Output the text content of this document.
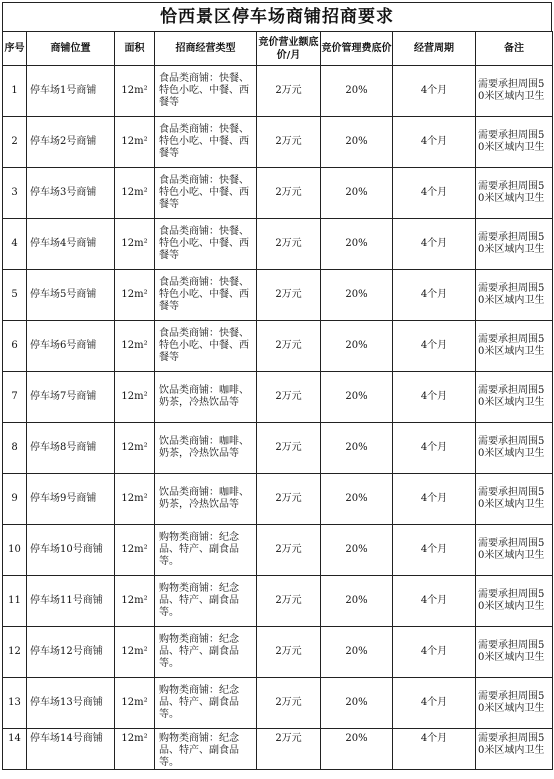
恰西景区停车场商铺招商要求
序号	商铺位置	面积	招商经营类型	竞价营业额底价/月	竞价管理费底价	经营周期	备注

1	停车场1号商铺	12m²	食品类商铺：快餐、特色小吃、中餐、西餐等	2万元	20%	4个月	需要承担周围50米区域内卫生

2	停车场2号商铺	12m²	食品类商铺：快餐、特色小吃、中餐、西餐等	2万元	20%	4个月	需要承担周围50米区域内卫生

3	停车场3号商铺	12m²	食品类商铺：快餐、特色小吃、中餐、西餐等	2万元	20%	4个月	需要承担周围50米区域内卫生

4	停车场4号商铺	12m²	食品类商铺：快餐、特色小吃、中餐、西餐等	2万元	20%	4个月	需要承担周围50米区域内卫生

5	停车场5号商铺	12m²	食品类商铺：快餐、特色小吃、中餐、西餐等	2万元	20%	4个月	需要承担周围50米区域内卫生

6	停车场6号商铺	12m²	食品类商铺：快餐、特色小吃、中餐、西餐等	2万元	20%	4个月	需要承担周围50米区域内卫生

7	停车场7号商铺	12m²	饮品类商铺：咖啡、奶茶，冷热饮品等	2万元	20%	4个月	需要承担周围50米区域内卫生

8	停车场8号商铺	12m²	饮品类商铺：咖啡、奶茶，冷热饮品等	2万元	20%	4个月	需要承担周围50米区域内卫生

9	停车场9号商铺	12m²	饮品类商铺：咖啡、奶茶，冷热饮品等	2万元	20%	4个月	需要承担周围50米区域内卫生

10	停车场10号商铺	12m²	购物类商铺：纪念品、特产、副食品等。	2万元	20%	4个月	需要承担周围50米区域内卫生

11	停车场11号商铺	12m²	购物类商铺：纪念品、特产、副食品等。	2万元	20%	4个月	需要承担周围50米区域内卫生

12	停车场12号商铺	12m²	购物类商铺：纪念品、特产、副食品等。	2万元	20%	4个月	需要承担周围50米区域内卫生

13	停车场13号商铺	12m²	购物类商铺：纪念品、特产、副食品等。	2万元	20%	4个月	需要承担周围50米区域内卫生

14	停车场14号商铺	12m²	购物类商铺：纪念品、特产、副食品等。	2万元	20%	4个月	需要承担周围50米区域内卫生
